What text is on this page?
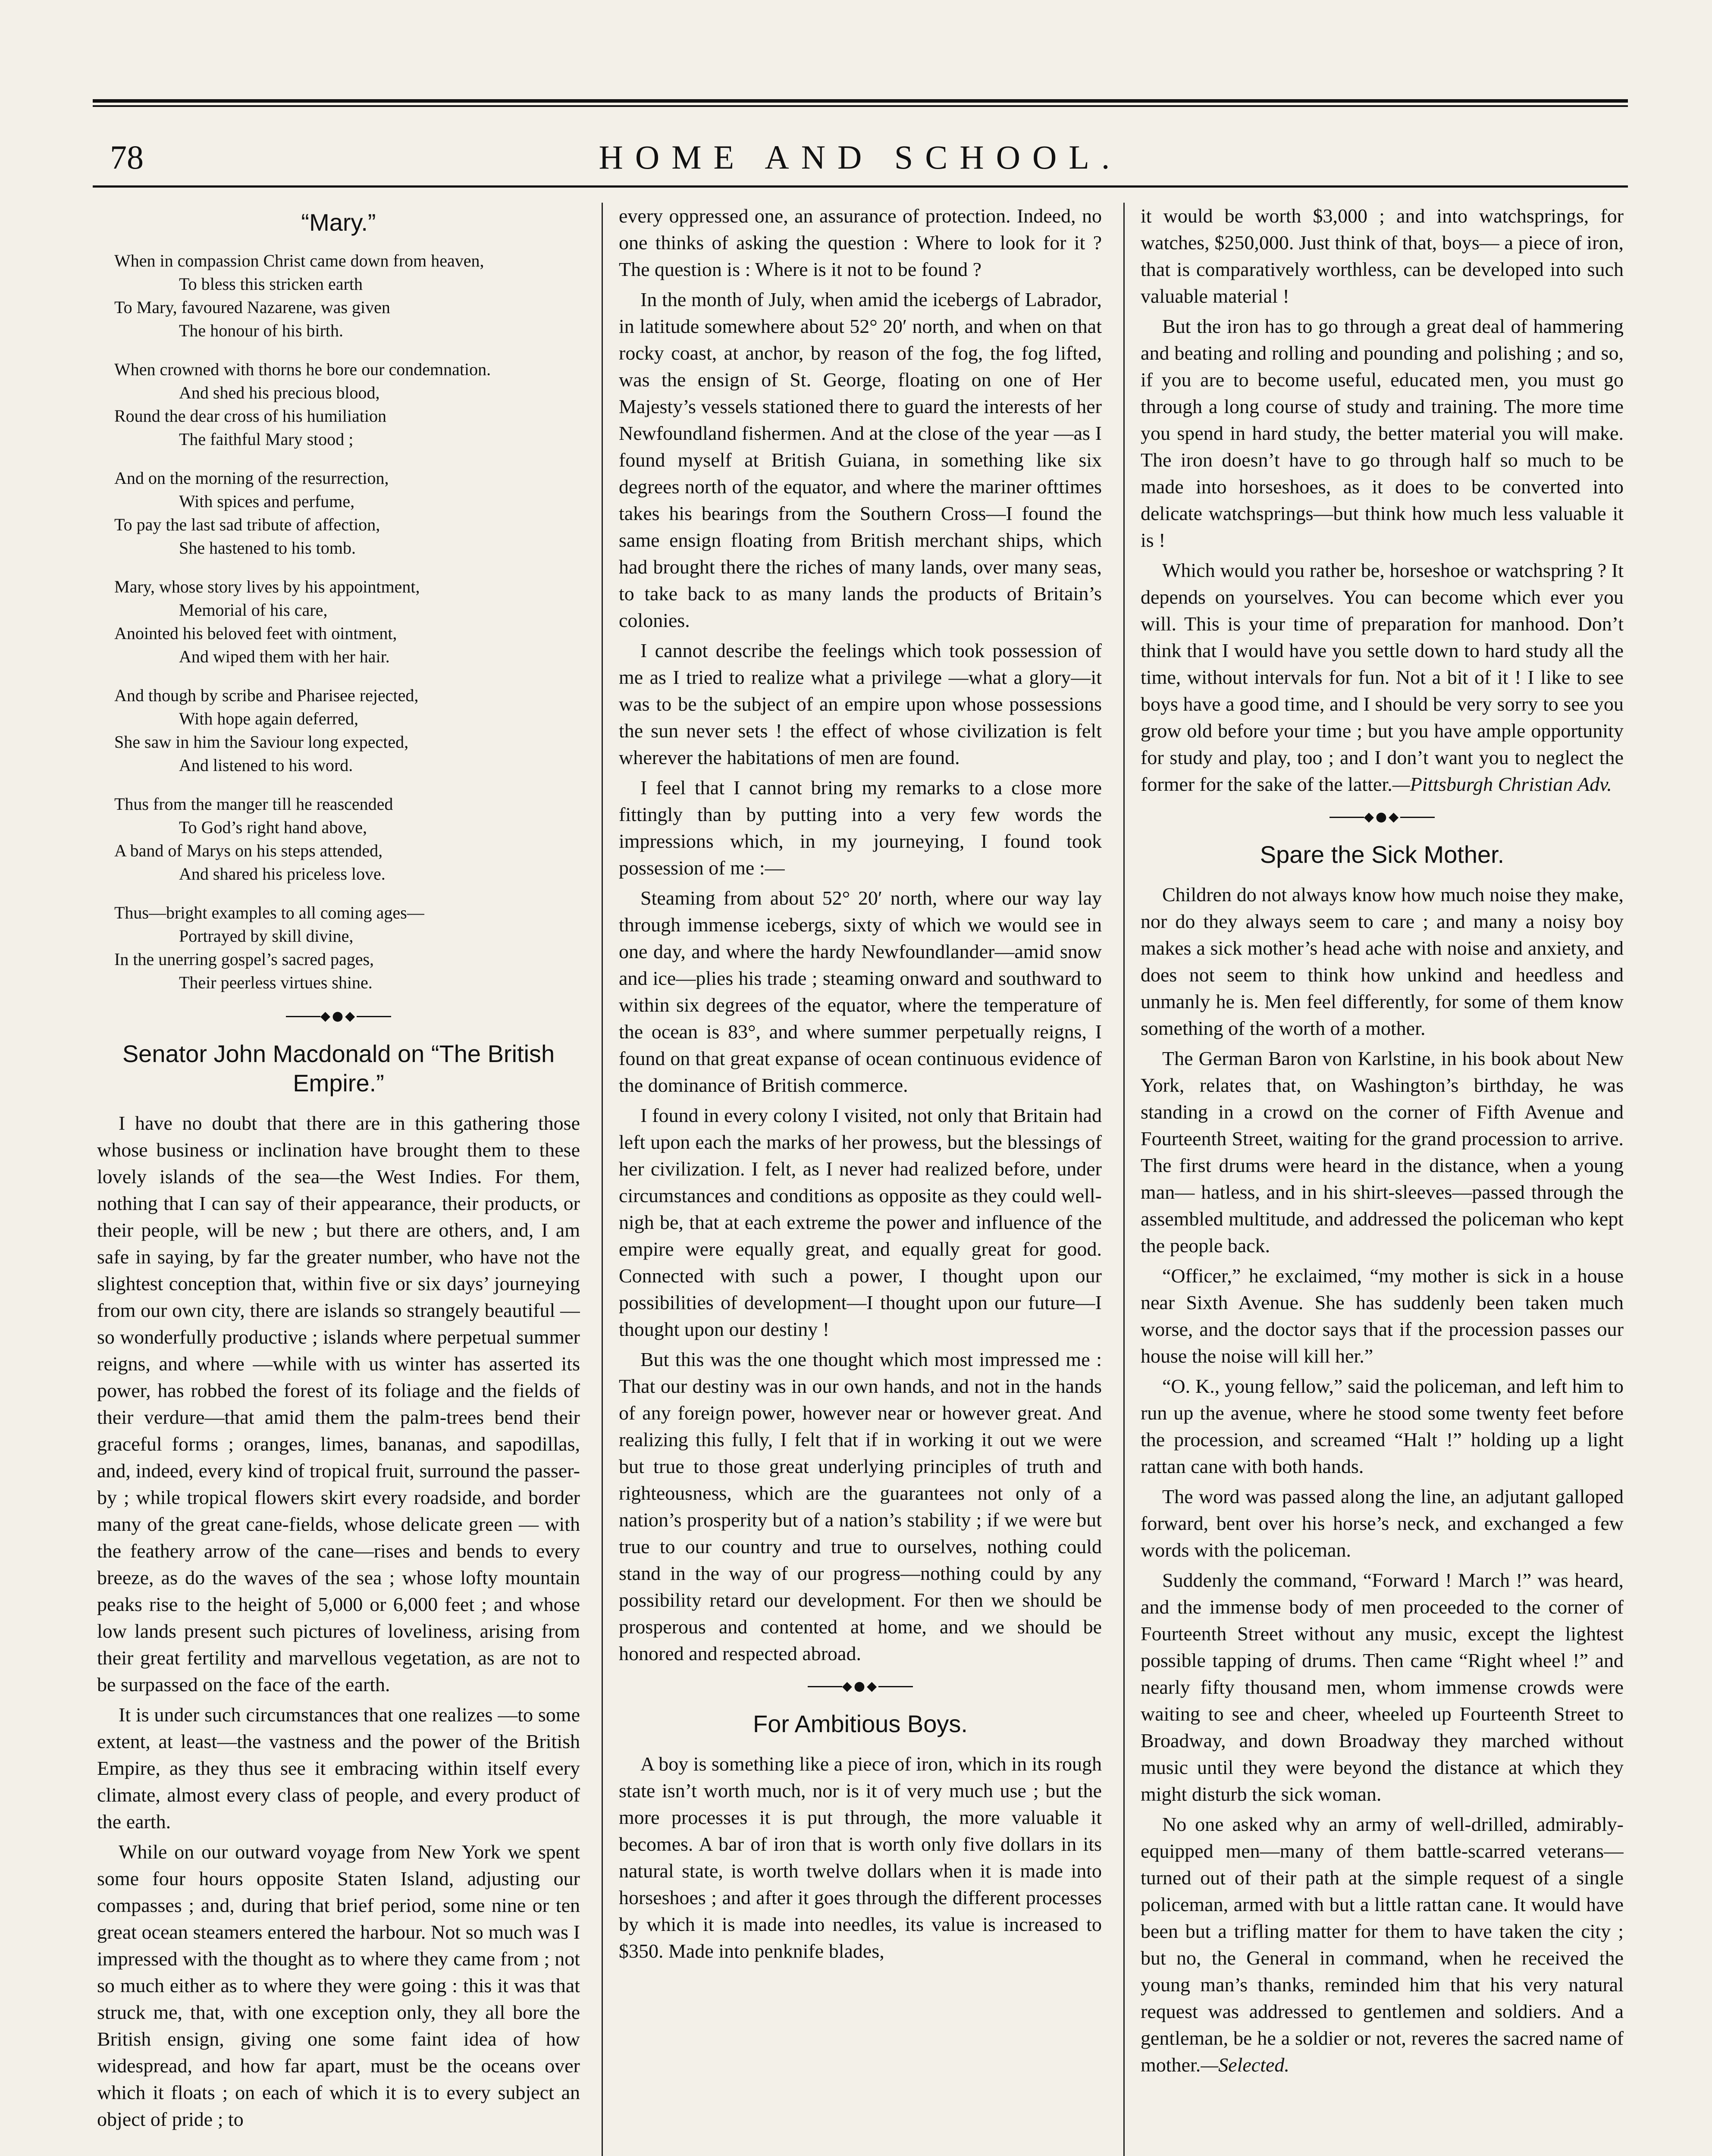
78	HOME AND SCHOOL.
“Mary.”
When in compassion Christ came down from heaven,
To bless this stricken earth
To Mary, favoured Nazarene, was given
The honour of his birth.
When crowned with thorns he bore our condemnation.
And shed his precious blood,
Round the dear cross of his humiliation
The faithful Mary stood ;
And on the morning of the resurrection,
With spices and perfume,
To pay the last sad tribute of affection,
She hastened to his tomb.
Mary, whose story lives by his appointment,
Memorial of his care,
Anointed his beloved feet with ointment,
And wiped them with her hair.
And though by scribe and Pharisee rejected,
With hope again deferred,
She saw in him the Saviour long expected,
And listened to his word.
Thus from the manger till he reascended
To God’s right hand above,
A band of Marys on his steps attended,
And shared his priceless love.
Thus—bright examples to all coming ages—
Portrayed by skill divine,
In the unerring gospel’s sacred pages,
Their peerless virtues shine.
◆●◆
Senator John Macdonald on “The British Empire.”

I have no doubt that there are in this gathering those whose business or inclination have brought them to these lovely islands of the sea—the West Indies. For them, nothing that I can say of their appearance, their products, or their people, will be new ; but there are others, and, I am safe in saying, by far the greater number, who have not the slightest conception that, within five or six days’ journeying from our own city, there are islands so strangely beautiful — so wonderfully productive ; islands where perpetual summer reigns, and where —while with us winter has asserted its power, has robbed the forest of its foliage and the fields of their verdure—that amid them the palm-trees bend their graceful forms ; oranges, limes, bananas, and sapodillas, and, indeed, every kind of tropical fruit, surround the passer-by ; while tropical flowers skirt every roadside, and border many of the great cane-fields, whose delicate green — with the feathery arrow of the cane—rises and bends to every breeze, as do the waves of the sea ; whose lofty mountain peaks rise to the height of 5,000 or 6,000 feet ; and whose low lands present such pictures of loveliness, arising from their great fertility and marvellous vegetation, as are not to be surpassed on the face of the earth.

It is under such circumstances that one realizes —to some extent, at least—the vastness and the power of the British Empire, as they thus see it embracing within itself every climate, almost every class of people, and every product of the earth.

While on our outward voyage from New York we spent some four hours opposite Staten Island, adjusting our compasses ; and, during that brief period, some nine or ten great ocean steamers entered the harbour. Not so much was I impressed with the thought as to where they came from ; not so much either as to where they were going : this it was that struck me, that, with one exception only, they all bore the British ensign, giving one some faint idea of how widespread, and how far apart, must be the oceans over which it floats ; on each of which it is to every subject an object of pride ; to

every oppressed one, an assurance of protection. Indeed, no one thinks of asking the question : Where to look for it ? The question is : Where is it not to be found ?

In the month of July, when amid the icebergs of Labrador, in latitude somewhere about 52° 20′ north, and when on that rocky coast, at anchor, by reason of the fog, the fog lifted, was the ensign of St. George, floating on one of Her Majesty’s vessels stationed there to guard the interests of her Newfoundland fishermen. And at the close of the year —as I found myself at British Guiana, in something like six degrees north of the equator, and where the mariner ofttimes takes his bearings from the Southern Cross—I found the same ensign floating from British merchant ships, which had brought there the riches of many lands, over many seas, to take back to as many lands the products of Britain’s colonies.

I cannot describe the feelings which took possession of me as I tried to realize what a privilege —what a glory—it was to be the subject of an empire upon whose possessions the sun never sets ! the effect of whose civilization is felt wherever the habitations of men are found.

I feel that I cannot bring my remarks to a close more fittingly than by putting into a very few words the impressions which, in my journeying, I found took possession of me :—

Steaming from about 52° 20′ north, where our way lay through immense icebergs, sixty of which we would see in one day, and where the hardy Newfoundlander—amid snow and ice—plies his trade ; steaming onward and southward to within six degrees of the equator, where the temperature of the ocean is 83°, and where summer perpetually reigns, I found on that great expanse of ocean continuous evidence of the dominance of British commerce.

I found in every colony I visited, not only that Britain had left upon each the marks of her prowess, but the blessings of her civilization. I felt, as I never had realized before, under circumstances and conditions as opposite as they could well-nigh be, that at each extreme the power and influence of the empire were equally great, and equally great for good. Connected with such a power, I thought upon our possibilities of development—I thought upon our future—I thought upon our destiny !

But this was the one thought which most impressed me : That our destiny was in our own hands, and not in the hands of any foreign power, however near or however great. And realizing this fully, I felt that if in working it out we were but true to those great underlying principles of truth and righteousness, which are the guarantees not only of a nation’s prosperity but of a nation’s stability ; if we were but true to our country and true to ourselves, nothing could stand in the way of our progress—nothing could by any possibility retard our development. For then we should be prosperous and contented at home, and we should be honored and respected abroad.

◆●◆
For Ambitious Boys.

A boy is something like a piece of iron, which in its rough state isn’t worth much, nor is it of very much use ; but the more processes it is put through, the more valuable it becomes. A bar of iron that is worth only five dollars in its natural state, is worth twelve dollars when it is made into horseshoes ; and after it goes through the different processes by which it is made into needles, its value is increased to $350. Made into penknife blades,

it would be worth $3,000 ; and into watchsprings, for watches, $250,000. Just think of that, boys— a piece of iron, that is comparatively worthless, can be developed into such valuable material !

But the iron has to go through a great deal of hammering and beating and rolling and pounding and polishing ; and so, if you are to become useful, educated men, you must go through a long course of study and training. The more time you spend in hard study, the better material you will make. The iron doesn’t have to go through half so much to be made into horseshoes, as it does to be converted into delicate watchsprings—but think how much less valuable it is !

Which would you rather be, horseshoe or watchspring ? It depends on yourselves. You can become which ever you will. This is your time of preparation for manhood. Don’t think that I would have you settle down to hard study all the time, without intervals for fun. Not a bit of it ! I like to see boys have a good time, and I should be very sorry to see you grow old before your time ; but you have ample opportunity for study and play, too ; and I don’t want you to neglect the former for the sake of the latter.—Pittsburgh Christian Adv.

◆●◆
Spare the Sick Mother.

Children do not always know how much noise they make, nor do they always seem to care ; and many a noisy boy makes a sick mother’s head ache with noise and anxiety, and does not seem to think how unkind and heedless and unmanly he is. Men feel differently, for some of them know something of the worth of a mother.

The German Baron von Karlstine, in his book about New York, relates that, on Washington’s birthday, he was standing in a crowd on the corner of Fifth Avenue and Fourteenth Street, waiting for the grand procession to arrive. The first drums were heard in the distance, when a young man— hatless, and in his shirt-sleeves—passed through the assembled multitude, and addressed the policeman who kept the people back.

“Officer,” he exclaimed, “my mother is sick in a house near Sixth Avenue. She has suddenly been taken much worse, and the doctor says that if the procession passes our house the noise will kill her.”

“O. K., young fellow,” said the policeman, and left him to run up the avenue, where he stood some twenty feet before the procession, and screamed “Halt !” holding up a light rattan cane with both hands.

The word was passed along the line, an adjutant galloped forward, bent over his horse’s neck, and exchanged a few words with the policeman.

Suddenly the command, “Forward ! March !” was heard, and the immense body of men proceeded to the corner of Fourteenth Street without any music, except the lightest possible tapping of drums. Then came “Right wheel !” and nearly fifty thousand men, whom immense crowds were waiting to see and cheer, wheeled up Fourteenth Street to Broadway, and down Broadway they marched without music until they were beyond the distance at which they might disturb the sick woman.

No one asked why an army of well-drilled, admirably-equipped men—many of them battle-scarred veterans—turned out of their path at the simple request of a single policeman, armed with but a little rattan cane. It would have been but a trifling matter for them to have taken the city ; but no, the General in command, when he received the young man’s thanks, reminded him that his very natural request was addressed to gentlemen and soldiers. And a gentleman, be he a soldier or not, reveres the sacred name of mother.—Selected.
